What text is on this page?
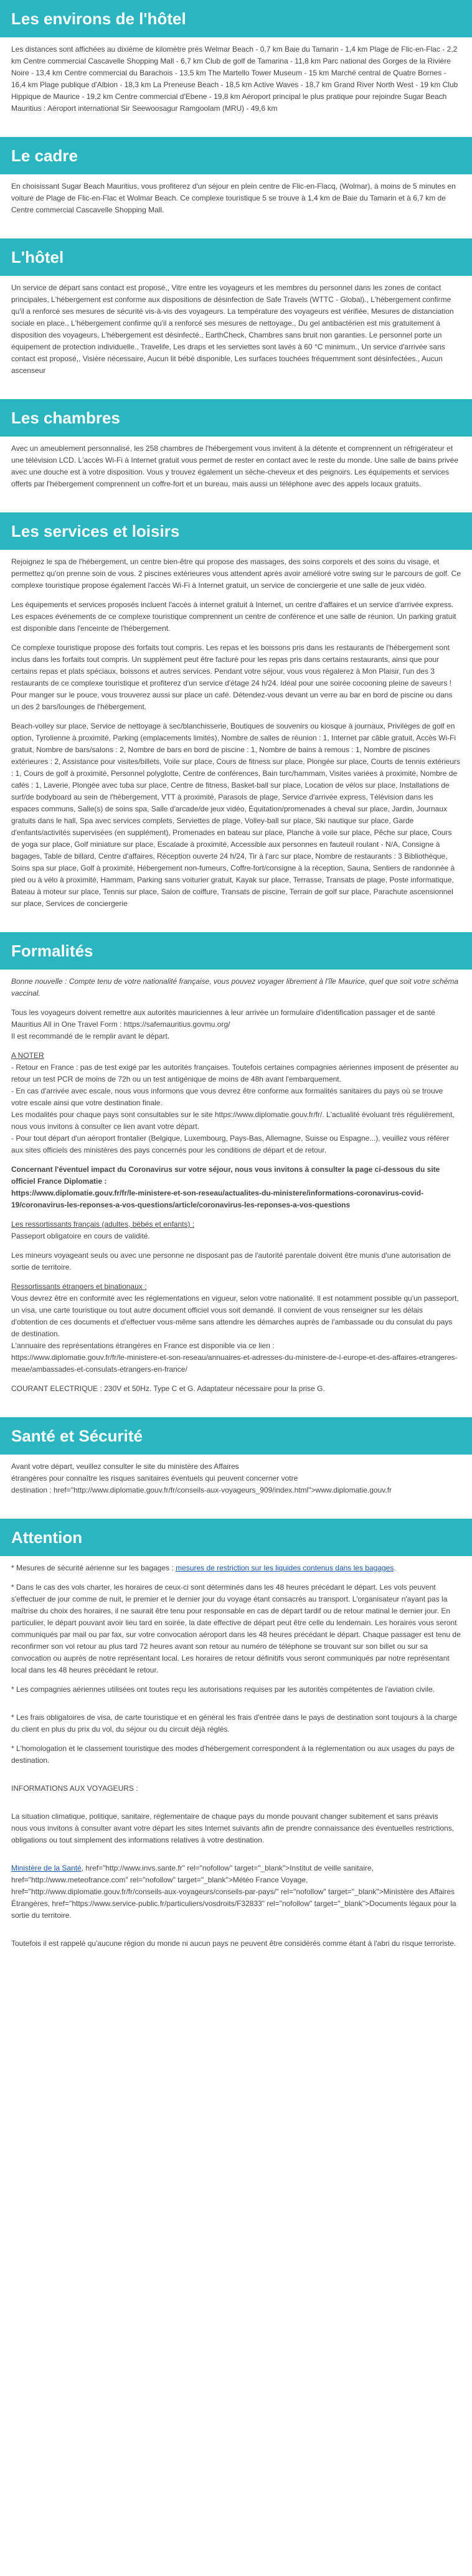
Les environs de l'hôtel

Les distances sont affichées au dixième de kilomètre près Welmar Beach - 0,7 km Baie du Tamarin - 1,4 km Plage de Flic-en-Flac - 2,2 km Centre commercial Cascavelle Shopping Mall - 6,7 km Club de golf de Tamarina - 11,8 km Parc national des Gorges de la Rivière Noire - 13,4 km Centre commercial du Barachois - 13,5 km The Martello Tower Museum - 15 km Marché central de Quatre Bornes - 16,4 km Plage publique d'Albion - 18,3 km La Preneuse Beach - 18,5 km Active Waves - 18,7 km Grand River North West - 19 km Club Hippique de Maurice - 19,2 km Centre commercial d'Ebene - 19,8 km Aéroport principal le plus pratique pour rejoindre Sugar Beach Mauritius : Aéroport international Sir Seewoosagur Ramgoolam (MRU) - 49,6 km

Le cadre

En choisissant Sugar Beach Mauritius, vous profiterez d'un séjour en plein centre de Flic-en-Flacq, (Wolmar), à moins de 5 minutes en voiture de Plage de Flic-en-Flac et Wolmar Beach. Ce complexe touristique 5 se trouve à 1,4 km de Baie du Tamarin et à 6,7 km de Centre commercial Cascavelle Shopping Mall.

L'hôtel

Un service de départ sans contact est proposé,, Vitre entre les voyageurs et les membres du personnel dans les zones de contact principales, L'hébergement est conforme aux dispositions de désinfection de Safe Travels (WTTC - Global)., L'hébergement confirme qu'il a renforcé ses mesures de sécurité vis-à-vis des voyageurs. La température des voyageurs est vérifiée, Mesures de distanciation sociale en place., L'hébergement confirme qu'il a renforcé ses mesures de nettoyage., Du gel antibactérien est mis gratuitement à disposition des voyageurs, L'hébergement est désinfecté., EarthCheck, Chambres sans bruit non garanties. Le personnel porte un équipement de protection individuelle., Travelife, Les draps et les serviettes sont lavés à 60 °C minimum., Un service d'arrivée sans contact est proposé,, Visière nécessaire, Aucun lit bébé disponible, Les surfaces touchées fréquemment sont désinfectées., Aucun ascenseur

Les chambres

Avec un ameublement personnalisé, les 258 chambres de l'hébergement vous invitent à la détente et comprennent un réfrigérateur et une télévision LCD. L'accès Wi-Fi à Internet gratuit vous permet de rester en contact avec le reste du monde. Une salle de bains privée avec une douche est à votre disposition. Vous y trouvez également un sèche-cheveux et des peignoirs. Les équipements et services offerts par l'hébergement comprennent un coffre-fort et un bureau, mais aussi un téléphone avec des appels locaux gratuits.

Les services et loisirs

Rejoignez le spa de l'hébergement, un centre bien-être qui propose des massages, des soins corporels et des soins du visage, et permettez qu'on prenne soin de vous. 2 piscines extérieures vous attendent après avoir amélioré votre swing sur le parcours de golf. Ce complexe touristique propose également l'accès Wi-Fi à Internet gratuit, un service de conciergerie et une salle de jeux vidéo.

Les équipements et services proposés incluent l'accès à internet gratuit à Internet, un centre d'affaires et un service d'arrivée express. Les espaces événements de ce complexe touristique comprennent un centre de conférence et une salle de réunion. Un parking gratuit est disponible dans l'enceinte de l'hébergement.

Ce complexe touristique propose des forfaits tout compris. Les repas et les boissons pris dans les restaurants de l'hébergement sont inclus dans les forfaits tout compris. Un supplément peut être facturé pour les repas pris dans certains restaurants, ainsi que pour certains repas et plats spéciaux, boissons et autres services. Pendant votre séjour, vous vous régalerez à Mon Plaisir, l'un des 3 restaurants de ce complexe touristique et profiterez d'un service d'étage 24 h/24. Idéal pour une soirée cocooning pleine de saveurs ! Pour manger sur le pouce, vous trouverez aussi sur place un café. Détendez-vous devant un verre au bar en bord de piscine ou dans un des 2 bars/lounges de l'hébergement.

Beach-volley sur place, Service de nettoyage à sec/blanchisserie, Boutiques de souvenirs ou kiosque à journaux, Privilèges de golf en option, Tyrolienne à proximité, Parking (emplacements limités), Nombre de salles de réunion : 1, Internet par câble gratuit, Accès Wi-Fi gratuit, Nombre de bars/salons : 2, Nombre de bars en bord de piscine : 1, Nombre de bains à remous : 1, Nombre de piscines extérieures : 2, Assistance pour visites/billets, Voile sur place, Cours de fitness sur place, Plongée sur place, Courts de tennis extérieurs : 1, Cours de golf à proximité, Personnel polyglotte, Centre de conférences, Bain turc/hammam, Visites variées à proximité, Nombre de cafés : 1, Laverie, Plongée avec tuba sur place, Centre de fitness, Basket-ball sur place, Location de vélos sur place, Installations de surf/de bodyboard au sein de l'hébergement, VTT à proximité, Parasols de plage, Service d'arrivée express, Télévision dans les espaces communs, Salle(s) de soins spa, Salle d'arcade/de jeux vidéo, Équitation/promenades à cheval sur place, Jardin, Journaux gratuits dans le hall, Spa avec services complets, Serviettes de plage, Volley-ball sur place, Ski nautique sur place, Garde d'enfants/activités supervisées (en supplément), Promenades en bateau sur place, Planche à voile sur place, Pêche sur place, Cours de yoga sur place, Golf miniature sur place, Escalade à proximité, Accessible aux personnes en fauteuil roulant - N/A, Consigne à bagages, Table de billard, Centre d'affaires, Réception ouverte 24 h/24, Tir à l'arc sur place, Nombre de restaurants : 3 Bibliothèque, Soins spa sur place, Golf à proximité, Hébergement non-fumeurs, Coffre-fort/consigne à la réception, Sauna, Sentiers de randonnée à pied ou à vélo à proximité, Hammam, Parking sans voiturier gratuit, Kayak sur place, Terrasse, Transats de plage, Poste informatique, Bateau à moteur sur place, Tennis sur place, Salon de coiffure, Transats de piscine, Terrain de golf sur place, Parachute ascensionnel sur place, Services de conciergerie

Formalités

Bonne nouvelle : Compte tenu de votre nationalité française, vous pouvez voyager librement à l'île Maurice, quel que soit votre schéma vaccinal.

Tous les voyageurs doivent remettre aux autorités mauriciennes à leur arrivée un formulaire d'identification passager et de santé Mauritius All in One Travel Form : https://safemauritius.govmu.org/
Il est recommandé de le remplir avant le départ.

A NOTER

- Retour en France : pas de test exigé par les autorités françaises. Toutefois certaines compagnies aériennes imposent de présenter au retour un test PCR de moins de 72h ou un test antigénique de moins de 48h avant l'embarquement.

- En cas d'arrivée avec escale, nous vous informons que vous devrez être conforme aux formalités sanitaires du pays où se trouve votre escale ainsi que votre destination finale.

Les modalités pour chaque pays sont consultables sur le site https://www.diplomatie.gouv.fr/fr/. L'actualité évoluant très régulièrement, nous vous invitons à consulter ce lien avant votre départ.

- Pour tout départ d'un aéroport frontalier (Belgique, Luxembourg, Pays-Bas, Allemagne, Suisse ou Espagne...), veuillez vous référer aux sites officiels des ministères des pays concernés pour les conditions de départ et de retour.

Concernant l'éventuel impact du Coronavirus sur votre séjour, nous vous invitons à consulter la page ci-dessous du site officiel France Diplomatie :
https://www.diplomatie.gouv.fr/fr/le-ministere-et-son-reseau/actualites-du-ministere/informations-coronavirus-covid-19/coronavirus-les-reponses-a-vos-questions/article/coronavirus-les-reponses-a-vos-questions

Les ressortissants français (adultes, bébés et enfants) :

Passeport obligatoire en cours de validité.

Les mineurs voyageant seuls ou avec une personne ne disposant pas de l'autorité parentale doivent être munis d'une autorisation de sortie de territoire.

Ressortissants étrangers et binationaux :

Vous devrez être en conformité avec les réglementations en vigueur, selon votre nationalité. Il est notamment possible qu'un passeport, un visa, une carte touristique ou tout autre document officiel vous soit demandé. Il convient de vous renseigner sur les délais d'obtention de ces documents et d'effectuer vous-même sans attendre les démarches auprès de l'ambassade ou du consulat du pays de destination.
L'annuaire des représentations étrangères en France est disponible via ce lien :
https://www.diplomatie.gouv.fr/fr/le-ministere-et-son-reseau/annuaires-et-adresses-du-ministere-de-l-europe-et-des-affaires-etrangeres-meae/ambassades-et-consulats-etrangers-en-france/

COURANT ELECTRIQUE : 230V et 50Hz. Type C et G. Adaptateur nécessaire pour la prise G.

Santé et Sécurité

Avant votre départ, veuillez consulter le site du ministère des Affaires
étrangères pour connaître les risques sanitaires éventuels qui peuvent concerner votre
destination : href="http://www.diplomatie.gouv.fr/fr/conseils-aux-voyageurs_909/index.html">www.diplomatie.gouv.fr

Attention

* Mesures de sécurité aérienne sur les bagages : mesures de restriction sur les liquides contenus dans les bagages.

* Dans le cas des vols charter, les horaires de ceux-ci sont déterminés dans les 48 heures précédant le départ. Les vols peuvent s'effectuer de jour comme de nuit, le premier et le dernier jour du voyage étant consacrés au transport. L'organisateur n'ayant pas la maîtrise du choix des horaires, il ne saurait être tenu pour responsable en cas de départ tardif ou de retour matinal le dernier jour. En particulier, le départ pouvant avoir lieu tard en soirée, la date effective de départ peut être celle du lendemain. Les horaires vous seront communiqués par mail ou par fax, sur votre convocation aéroport dans les 48 heures précédant le départ. Chaque passager est tenu de reconfirmer son vol retour au plus tard 72 heures avant son retour au numéro de téléphone se trouvant sur son billet ou sur sa convocation ou auprès de notre représentant local. Les horaires de retour définitifs vous seront communiqués par notre représentant local dans les 48 heures précédant le retour.

* Les compagnies aériennes utilisées ont toutes reçu les autorisations requises par les autorités compétentes de l'aviation civile.

* Les frais obligatoires de visa, de carte touristique et en général les frais d'entrée dans le pays de destination sont toujours à la charge du client en plus du prix du vol, du séjour ou du circuit déjà réglés.

* L'homologation et le classement touristique des modes d'hébergement correspondent à la réglementation ou aux usages du pays de destination.

INFORMATIONS AUX VOYAGEURS :

La situation climatique, politique, sanitaire, réglementaire de chaque pays du monde pouvant changer subitement et sans préavis
nous vous invitons à consulter avant votre départ les sites Internet suivants afin de prendre connaissance des éventuelles restrictions, obligations ou tout simplement des informations relatives à votre destination.

Ministère de la Santé, href="http://www.invs.sante.fr" rel="nofollow" target="_blank">Institut de veille sanitaire, href="http://www.meteofrance.com" rel="nofollow" target="_blank">Météo France Voyage, href="http://www.diplomatie.gouv.fr/fr/conseils-aux-voyageurs/conseils-par-pays/" rel="nofollow" target="_blank">Ministère des Affaires Étrangères, href="https://www.service-public.fr/particuliers/vosdroits/F32833" rel="nofollow" target="_blank">Documents légaux pour la sortie du territoire.

Toutefois il est rappelé qu'aucune région du monde ni aucun pays ne peuvent être considérés comme étant à l'abri du risque terroriste.
